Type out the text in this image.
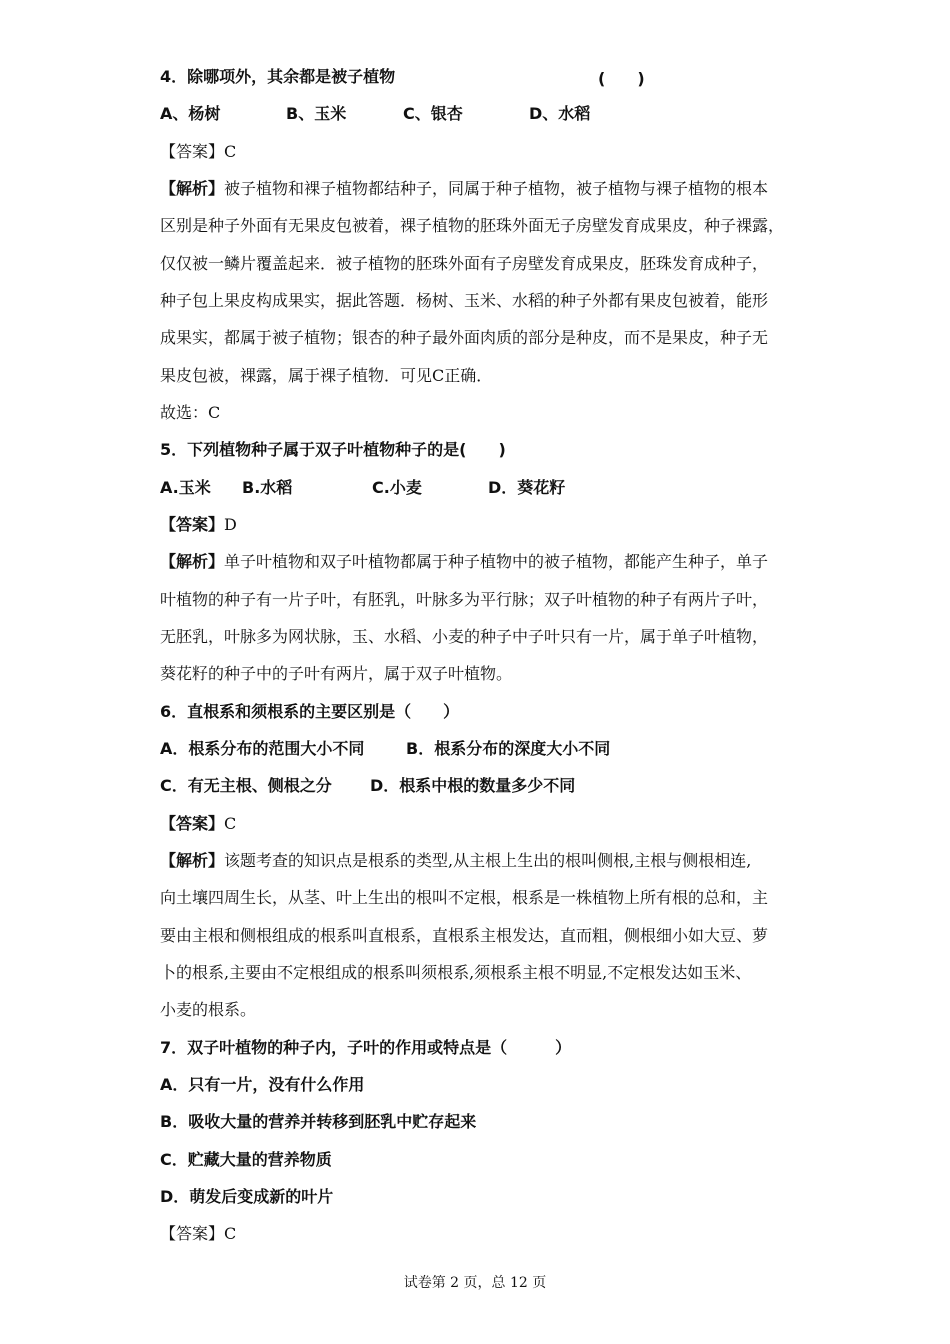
4．除哪项外，其余都是被子植物	(　　)
A、杨树	B、玉米	C、银杏	D、水稻
【答案】C
【解析】被子植物和裸子植物都结种子，同属于种子植物，被子植物与裸子植物的根本
区别是种子外面有无果皮包被着，裸子植物的胚珠外面无子房壁发育成果皮，种子裸露，
仅仅被一鳞片覆盖起来．被子植物的胚珠外面有子房壁发育成果皮，胚珠发育成种子，
种子包上果皮构成果实，据此答题．杨树、玉米、水稻的种子外都有果皮包被着，能形
成果实，都属于被子植物；银杏的种子最外面肉质的部分是种皮，而不是果皮，种子无
果皮包被，裸露，属于裸子植物．可见C正确．
故选：C
5．下列植物种子属于双子叶植物种子的是(　　)
A.玉米 B.水稻	C.小麦	D．葵花籽
【答案】D
【解析】单子叶植物和双子叶植物都属于种子植物中的被子植物，都能产生种子，单子
叶植物的种子有一片子叶，有胚乳，叶脉多为平行脉；双子叶植物的种子有两片子叶，
无胚乳，叶脉多为网状脉，玉、水稻、小麦的种子中子叶只有一片，属于单子叶植物，
葵花籽的种子中的子叶有两片，属于双子叶植物。
6．直根系和须根系的主要区别是（　　）
A．根系分布的范围大小不同	B．根系分布的深度大小不同
C．有无主根、侧根之分 D．根系中根的数量多少不同
【答案】C
【解析】该题考查的知识点是根系的类型,从主根上生出的根叫侧根,主根与侧根相连,
向土壤四周生长，从茎、叶上生出的根叫不定根，根系是一株植物上所有根的总和，主
要由主根和侧根组成的根系叫直根系，直根系主根发达，直而粗，侧根细小如大豆、萝
卜的根系,主要由不定根组成的根系叫须根系,须根系主根不明显,不定根发达如玉米、
小麦的根系。
7．双子叶植物的种子内，子叶的作用或特点是（　　　）
A．只有一片，没有什么作用
B．吸收大量的营养并转移到胚乳中贮存起来
C．贮藏大量的营养物质
D．萌发后变成新的叶片
【答案】C
试卷第 2 页，总 12 页
